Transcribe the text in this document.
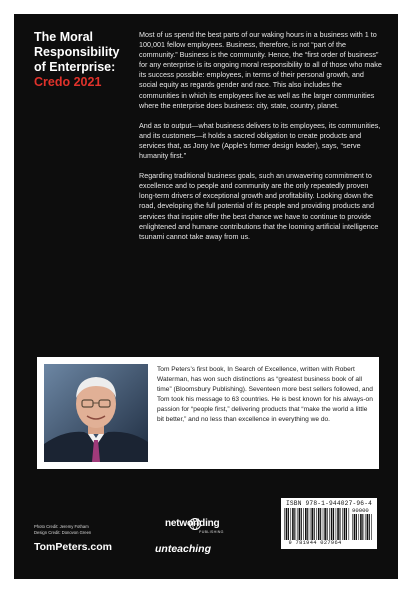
The Moral
Responsibility
of Enterprise:
Credo 2021

Most of us spend the best parts of our waking hours in a business with 1 to 100,001 fellow employees. Business, therefore, is not “part of the community.” Business is the community. Hence, the “first order of business” for any enterprise is its ongoing moral responsibility to all of those who make its success possible: employees, in terms of their personal growth, and social equity as regards gender and race. This also includes the communities in which its employees live as well as the larger communities where the enterprise does business: city, state, country, planet.

And as to output—what business delivers to its employees, its communities, and its customers—it holds a sacred obligation to create products and services that, as Jony Ive (Apple’s former design leader), says, “serve humanity first.”

Regarding traditional business goals, such an unwavering commitment to excellence and to people and community are the only repeatedly proven long-term drivers of exceptional growth and profitability. Looking down the road, developing the full potential of its people and providing products and services that inspire offer the best chance we have to continue to provide enlightened and humane contributions that the looming artificial intelligence tsunami cannot take away from us.

Tom Peters’s first book, In Search of Excellence, written with Robert Waterman, has won such distinctions as “greatest business book of all time” (Bloomsbury Publishing). Seventeen more best sellers followed, and Tom took his message to 63 countries. He is best known for his always-on passion for “people first,” delivering products that “make the world a little bit better,” and no less than excellence in everything we do.
Photo Credit: Jeremy Fotham
Design Credit: Donovon Green
TomPeters.com
networlding
PUBLISHING
unteaching
ISBN 978-1-944027-96-4
90000
9 781944 027964
